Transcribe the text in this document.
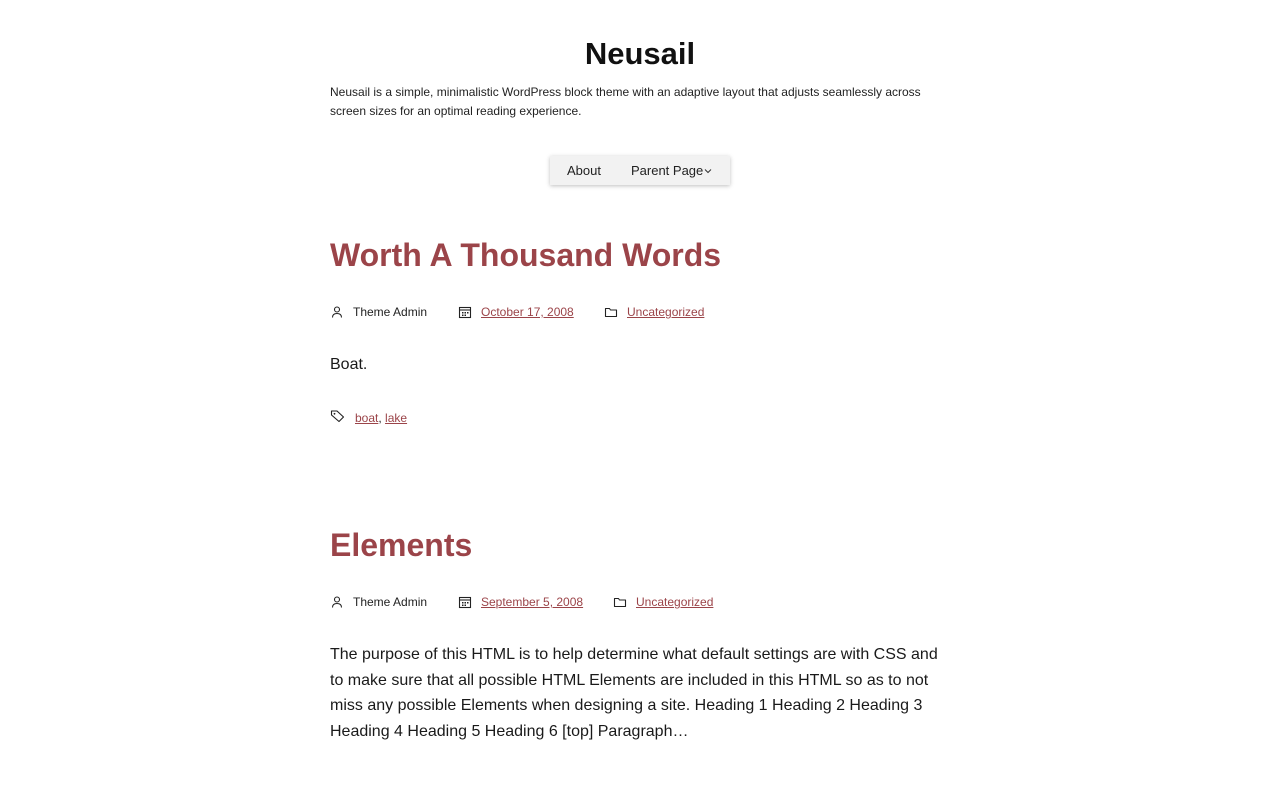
Neusail
Neusail is a simple, minimalistic WordPress block theme with an adaptive layout that adjusts seamlessly across screen sizes for an optimal reading experience.
About Parent Page
Worth A Thousand Words
Theme Admin	October 17, 2008	Uncategorized

Boat.

boat, lake
Elements
Theme Admin	September 5, 2008	Uncategorized

The purpose of this HTML is to help determine what default settings are with CSS and to make sure that all possible HTML Elements are included in this HTML so as to not miss any possible Elements when designing a site. Heading 1 Heading 2 Heading 3 Heading 4 Heading 5 Heading 6 [top] Paragraph…
